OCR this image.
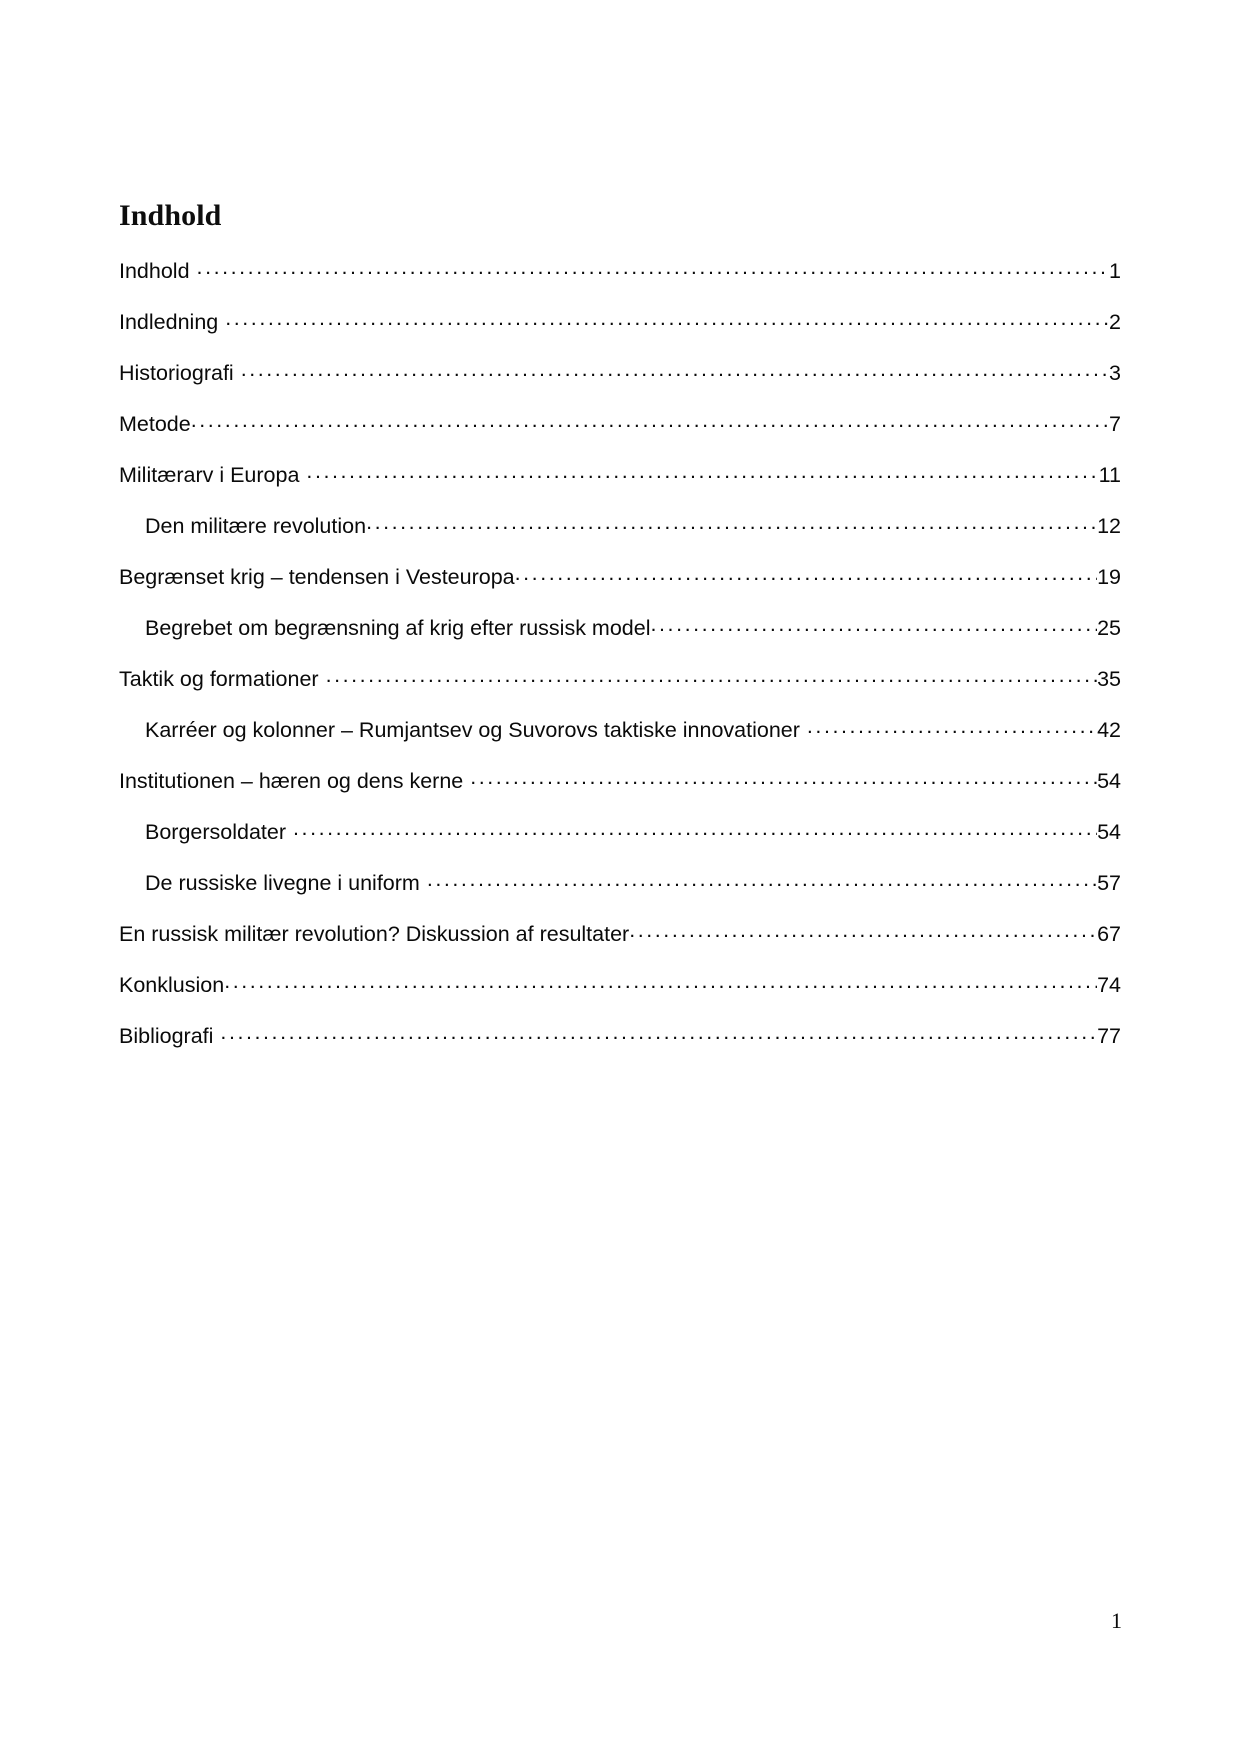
Indhold
Indhold .....	1
Indledning .....	2
Historiografi .....	3
Metode .....	7
Militærarv i Europa .....	11
Den militære revolution .....	12
Begrænset krig – tendensen i Vesteuropa .....	19
Begrebet om begrænsning af krig efter russisk model .....	25
Taktik og formationer .....	35
Karréer og kolonner – Rumjantsev og Suvorovs taktiske innovationer .....	42
Institutionen – hæren og dens kerne .....	54
Borgersoldater .....	54
De russiske livegne i uniform .....	57
En russisk militær revolution? Diskussion af resultater .....	67
Konklusion .....	74
Bibliografi .....	77
1
